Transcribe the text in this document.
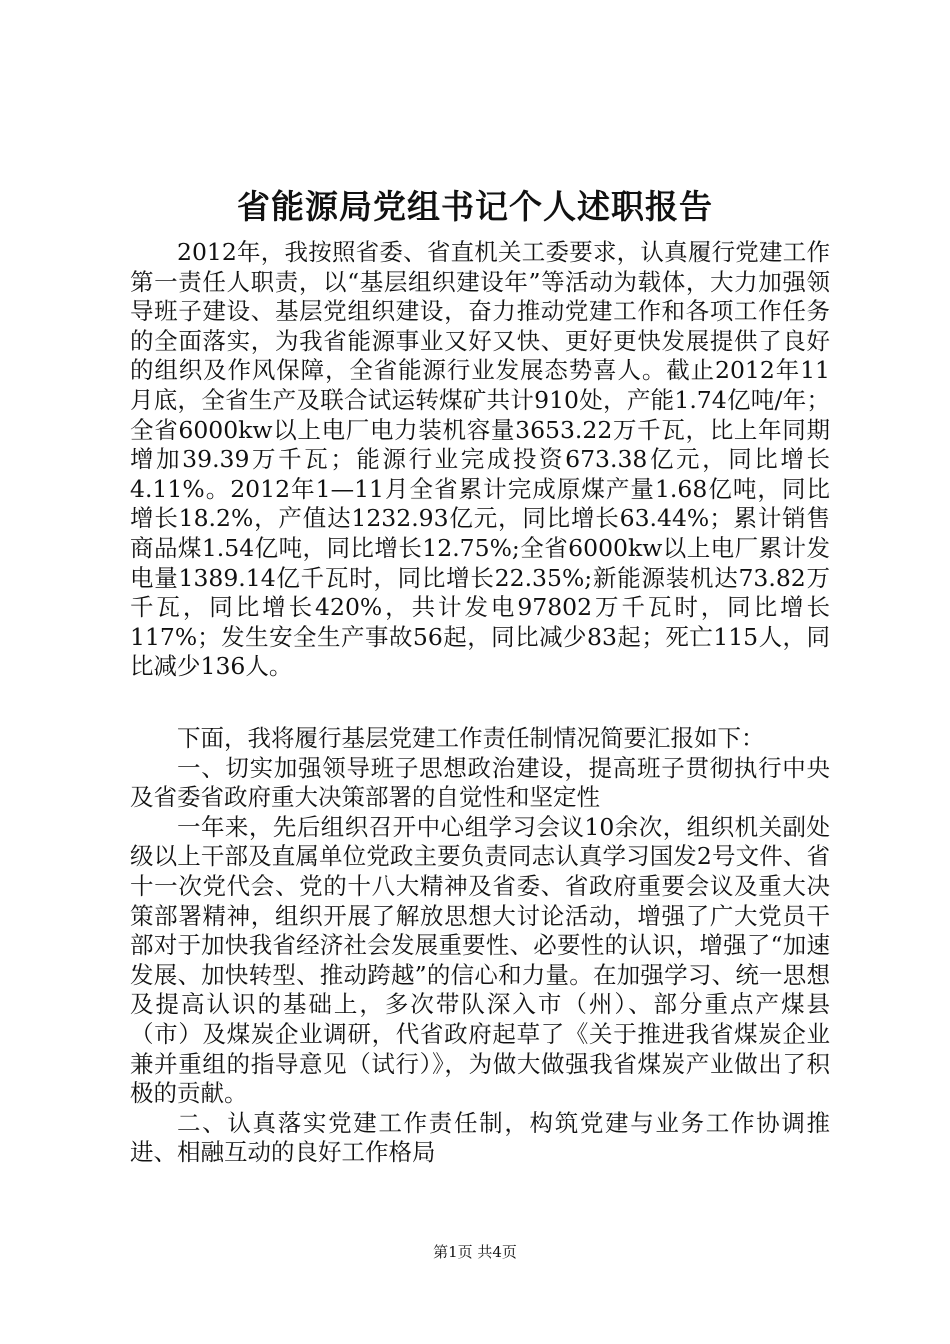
省能源局党组书记个人述职报告

2012年，我按照省委、省直机关工委要求，认真履行党建工作第一责任人职责，以“基层组织建设年”等活动为载体，大力加强领导班子建设、基层党组织建设，奋力推动党建工作和各项工作任务的全面落实，为我省能源事业又好又快、更好更快发展提供了良好的组织及作风保障，全省能源行业发展态势喜人。截止2012年11月底，全省生产及联合试运转煤矿共计910处，产能1.74亿吨/年；全省6000kw以上电厂电力装机容量3653.22万千瓦，比上年同期增加39.39万千瓦；能源行业完成投资673.38亿元，同比增长4.11%。2012年1—11月全省累计完成原煤产量1.68亿吨，同比增长18.2%，产值达1232.93亿元，同比增长63.44%；累计销售商品煤1.54亿吨，同比增长12.75%;全省6000kw以上电厂累计发电量1389.14亿千瓦时，同比增长22.35%;新能源装机达73.82万千瓦，同比增长420%，共计发电97802万千瓦时，同比增长117%；发生安全生产事故56起，同比减少83起；死亡115人，同比减少136人。

下面，我将履行基层党建工作责任制情况简要汇报如下：

一、切实加强领导班子思想政治建设，提高班子贯彻执行中央及省委省政府重大决策部署的自觉性和坚定性

一年来，先后组织召开中心组学习会议10余次，组织机关副处级以上干部及直属单位党政主要负责同志认真学习国发2号文件、省十一次党代会、党的十八大精神及省委、省政府重要会议及重大决策部署精神，组织开展了解放思想大讨论活动，增强了广大党员干部对于加快我省经济社会发展重要性、必要性的认识，增强了“加速发展、加快转型、推动跨越”的信心和力量。在加强学习、统一思想及提高认识的基础上，多次带队深入市（州）、部分重点产煤县（市）及煤炭企业调研，代省政府起草了《关于推进我省煤炭企业兼并重组的指导意见（试行）》，为做大做强我省煤炭产业做出了积极的贡献。

二、认真落实党建工作责任制，构筑党建与业务工作协调推进、相融互动的良好工作格局

第1页 共4页
